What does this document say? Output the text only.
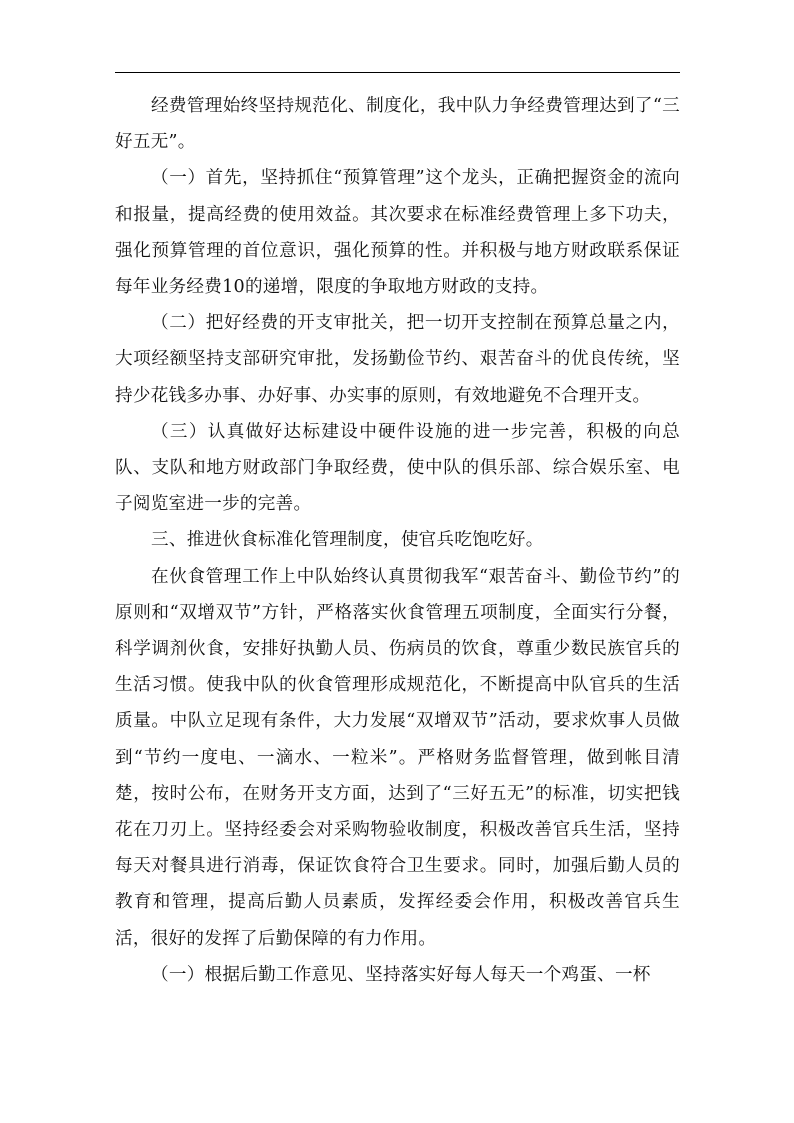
经费管理始终坚持规范化、制度化，我中队力争经费管理达到了“三好五无”。

（一）首先，坚持抓住“预算管理”这个龙头，正确把握资金的流向和报量，提高经费的使用效益。其次要求在标准经费管理上多下功夫，强化预算管理的首位意识，强化预算的性。并积极与地方财政联系保证每年业务经费10的递增，限度的争取地方财政的支持。

（二）把好经费的开支审批关，把一切开支控制在预算总量之内，大项经额坚持支部研究审批，发扬勤俭节约、艰苦奋斗的优良传统，坚持少花钱多办事、办好事、办实事的原则，有效地避免不合理开支。

（三）认真做好达标建设中硬件设施的进一步完善，积极的向总队、支队和地方财政部门争取经费，使中队的俱乐部、综合娱乐室、电子阅览室进一步的完善。

三、推进伙食标准化管理制度，使官兵吃饱吃好。

在伙食管理工作上中队始终认真贯彻我军“艰苦奋斗、勤俭节约”的原则和“双增双节”方针，严格落实伙食管理五项制度，全面实行分餐，科学调剂伙食，安排好执勤人员、伤病员的饮食，尊重少数民族官兵的生活习惯。使我中队的伙食管理形成规范化，不断提高中队官兵的生活质量。中队立足现有条件，大力发展“双增双节”活动，要求炊事人员做到“节约一度电、一滴水、一粒米”。严格财务监督管理，做到帐目清楚，按时公布，在财务开支方面，达到了“三好五无”的标准，切实把钱花在刀刃上。坚持经委会对采购物验收制度，积极改善官兵生活，坚持每天对餐具进行消毒，保证饮食符合卫生要求。同时，加强后勤人员的教育和管理，提高后勤人员素质，发挥经委会作用，积极改善官兵生活，很好的发挥了后勤保障的有力作用。

（一）根据后勤工作意见、坚持落实好每人每天一个鸡蛋、一杯
